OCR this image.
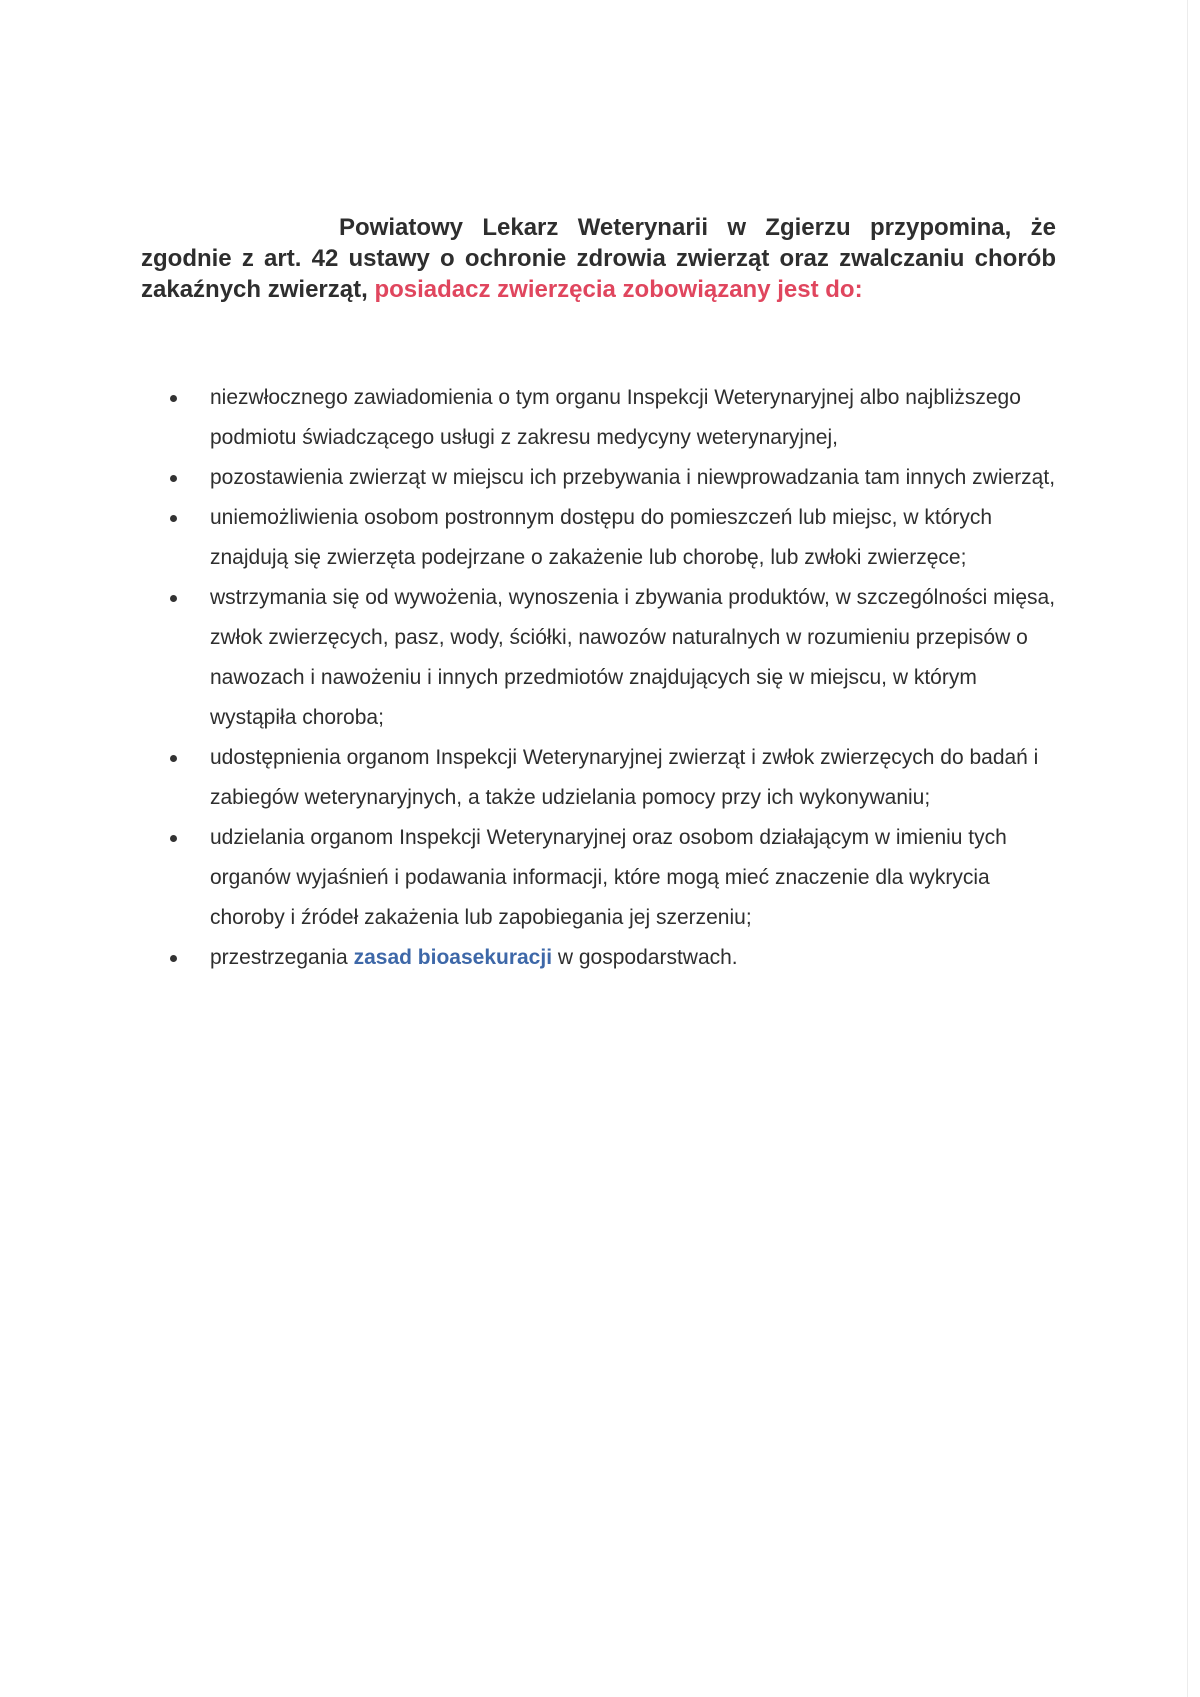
Powiatowy Lekarz Weterynarii w Zgierzu przypomina, że zgodnie z art. 42 ustawy o ochronie zdrowia zwierząt oraz zwalczaniu chorób zakaźnych zwierząt, posiadacz zwierzęcia zobowiązany jest do:

niezwłocznego zawiadomienia o tym organu Inspekcji Weterynaryjnej albo najbliższego podmiotu świadczącego usługi z zakresu medycyny weterynaryjnej,
pozostawienia zwierząt w miejscu ich przebywania i niewprowadzania tam innych zwierząt,
uniemożliwienia osobom postronnym dostępu do pomieszczeń lub miejsc, w których znajdują się zwierzęta podejrzane o zakażenie lub chorobę, lub zwłoki zwierzęce;
wstrzymania się od wywożenia, wynoszenia i zbywania produktów, w szczególności mięsa, zwłok zwierzęcych, pasz, wody, ściółki, nawozów naturalnych w rozumieniu przepisów o nawozach i nawożeniu i innych przedmiotów znajdujących się w miejscu, w którym wystąpiła choroba;
udostępnienia organom Inspekcji Weterynaryjnej zwierząt i zwłok zwierzęcych do badań i zabiegów weterynaryjnych, a także udzielania pomocy przy ich wykonywaniu;
udzielania organom Inspekcji Weterynaryjnej oraz osobom działającym w imieniu tych organów wyjaśnień i podawania informacji, które mogą mieć znaczenie dla wykrycia choroby i źródeł zakażenia lub zapobiegania jej szerzeniu;
przestrzegania zasad bioasekuracji w gospodarstwach.
